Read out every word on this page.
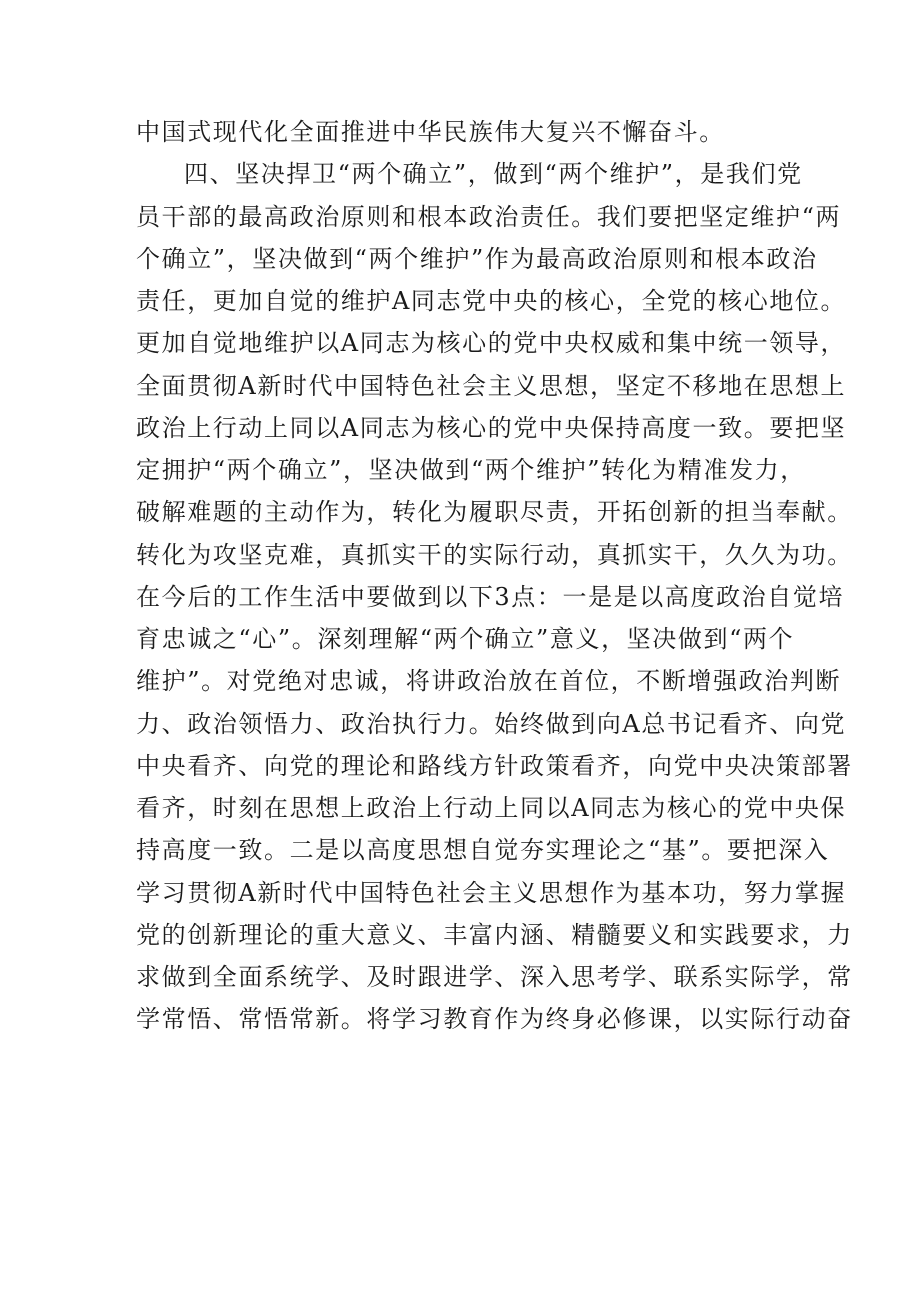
中国式现代化全面推进中华民族伟大复兴不懈奋斗。
四、坚决捍卫“两个确立”，做到“两个维护”，是我们党
员干部的最高政治原则和根本政治责任。我们要把坚定维护“两
个确立”，坚决做到“两个维护”作为最高政治原则和根本政治
责任，更加自觉的维护A同志党中央的核心，全党的核心地位。
更加自觉地维护以A同志为核心的党中央权威和集中统一领导，
全面贯彻A新时代中国特色社会主义思想，坚定不移地在思想上
政治上行动上同以A同志为核心的党中央保持高度一致。要把坚
定拥护“两个确立”，坚决做到“两个维护”转化为精准发力，
破解难题的主动作为，转化为履职尽责，开拓创新的担当奉献。
转化为攻坚克难，真抓实干的实际行动，真抓实干，久久为功。
在今后的工作生活中要做到以下3点：一是是以高度政治自觉培
育忠诚之“心”。深刻理解“两个确立”意义，坚决做到“两个
维护”。对党绝对忠诚，将讲政治放在首位，不断增强政治判断
力、政治领悟力、政治执行力。始终做到向A总书记看齐、向党
中央看齐、向党的理论和路线方针政策看齐，向党中央决策部署
看齐，时刻在思想上政治上行动上同以A同志为核心的党中央保
持高度一致。二是以高度思想自觉夯实理论之“基”。要把深入
学习贯彻A新时代中国特色社会主义思想作为基本功，努力掌握
党的创新理论的重大意义、丰富内涵、精髓要义和实践要求，力
求做到全面系统学、及时跟进学、深入思考学、联系实际学，常
学常悟、常悟常新。将学习教育作为终身必修课，以实际行动奋
